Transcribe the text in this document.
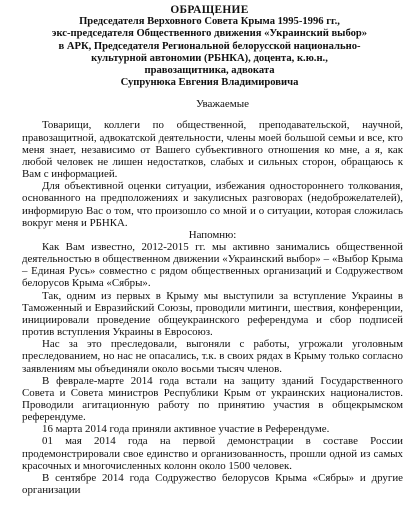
ОБРАЩЕНИЕ
Председателя Верховного Совета Крыма 1995-1996 гг.,
экс-председателя Общественного движения «Украинский выбор»
в АРК, Председателя Региональной белорусской национально-
культурной автономии (РБНКА), доцента, к.ю.н.,
правозащитника, адвоката
Супрунюка Евгения Владимировича
Уважаемые

Товарищи, коллеги по общественной, преподавательской, научной, правозащитной, адвокатской деятельности, члены моей большой семьи и все, кто меня знает, независимо от Вашего субъективного отношения ко мне, а я, как любой человек не лишен недостатков, слабых и сильных сторон, обращаюсь к Вам с информацией.

Для объективной оценки ситуации, избежания одностороннего толкования, основанного на предположениях и закулисных разговорах (недоброжелателей), информирую Вас о том, что произошло со мной и о ситуации, которая сложилась вокруг меня и РБНКА.

Напомню:

Как Вам известно, 2012-2015 гг. мы активно занимались общественной деятельностью в общественном движении «Украинский выбор» – «Выбор Крыма – Единая Русь» совместно с рядом общественных организаций и Содружеством белорусов Крыма «Сябры».

Так, одним из первых в Крыму мы выступили за вступление Украины в Таможенный и Евразийский Союзы, проводили митинги, шествия, конференции, инициировали проведение общеукраинского референдума и сбор подписей против вступления Украины в Евросоюз.

Нас за это преследовали, выгоняли с работы, угрожали уголовным преследованием, но нас не опасались, т.к. в своих рядах в Крыму только согласно заявлениям мы объединяли около восьми тысяч членов.

В феврале-марте 2014 года встали на защиту зданий Государственного Совета и Совета министров Республики Крым от украинских националистов. Проводили агитационную работу по принятию участия в общекрымском референдуме.

16 марта 2014 года приняли активное участие в Референдуме.

01 мая 2014 года на первой демонстрации в составе России продемонстрировали свое единство и организованность, прошли одной из самых красочных и многочисленных колонн около 1500 человек.

В сентябре 2014 года Содружество белорусов Крыма «Сябры» и другие организации
